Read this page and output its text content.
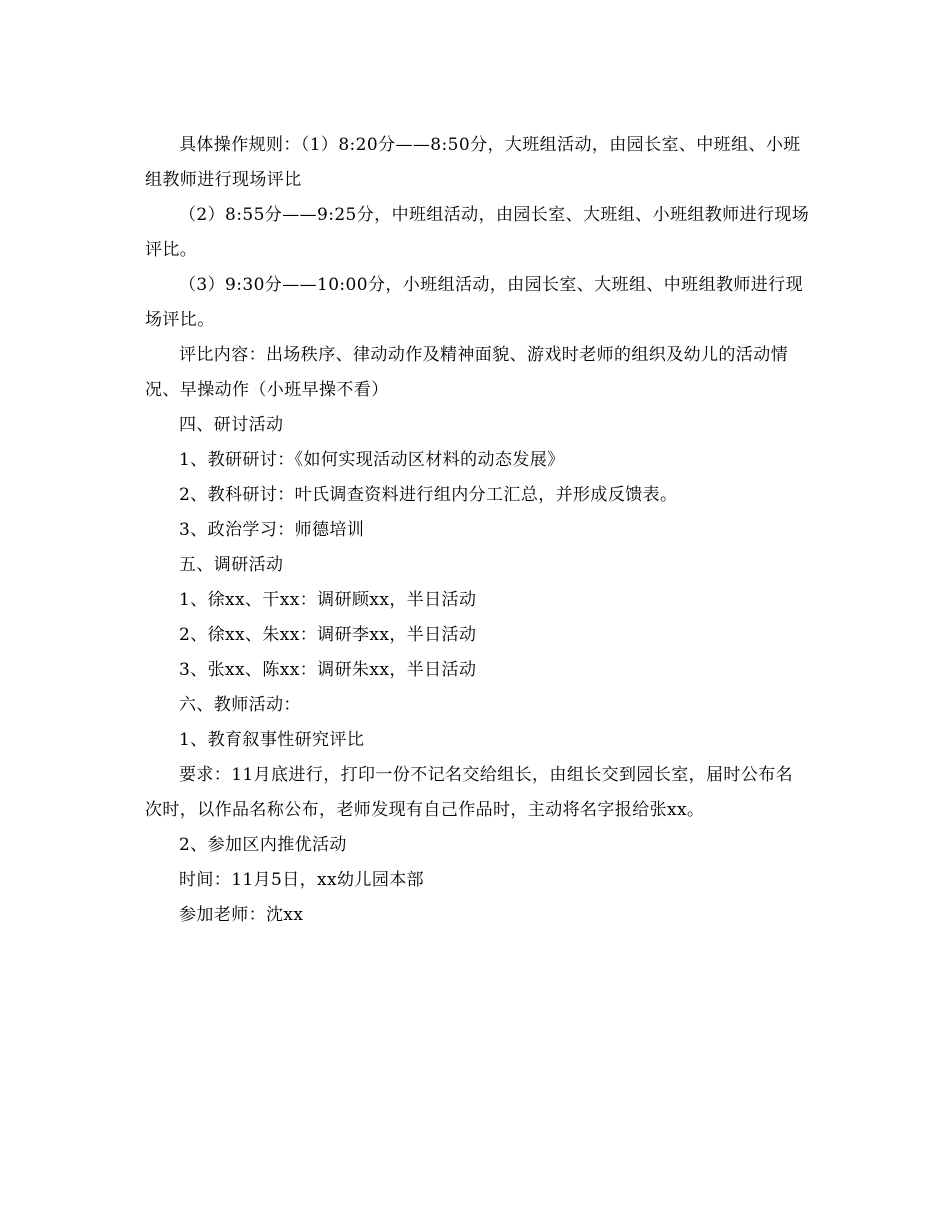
具体操作规则：（1）8:20分——8:50分，大班组活动，由园长室、中班组、小班组教师进行现场评比

（2）8:55分——9:25分，中班组活动，由园长室、大班组、小班组教师进行现场评比。

（3）9:30分——10:00分，小班组活动，由园长室、大班组、中班组教师进行现场评比。

评比内容：出场秩序、律动动作及精神面貌、游戏时老师的组织及幼儿的活动情况、早操动作（小班早操不看）

四、研讨活动

1、教研研讨：《如何实现活动区材料的动态发展》

2、教科研讨：叶氏调查资料进行组内分工汇总，并形成反馈表。

3、政治学习：师德培训

五、调研活动

1、徐xx、干xx：调研顾xx，半日活动

2、徐xx、朱xx：调研李xx，半日活动

3、张xx、陈xx：调研朱xx，半日活动

六、教师活动：

1、教育叙事性研究评比

要求：11月底进行，打印一份不记名交给组长，由组长交到园长室，届时公布名次时，以作品名称公布，老师发现有自己作品时，主动将名字报给张xx。

2、参加区内推优活动

时间：11月5日，xx幼儿园本部

参加老师：沈xx
